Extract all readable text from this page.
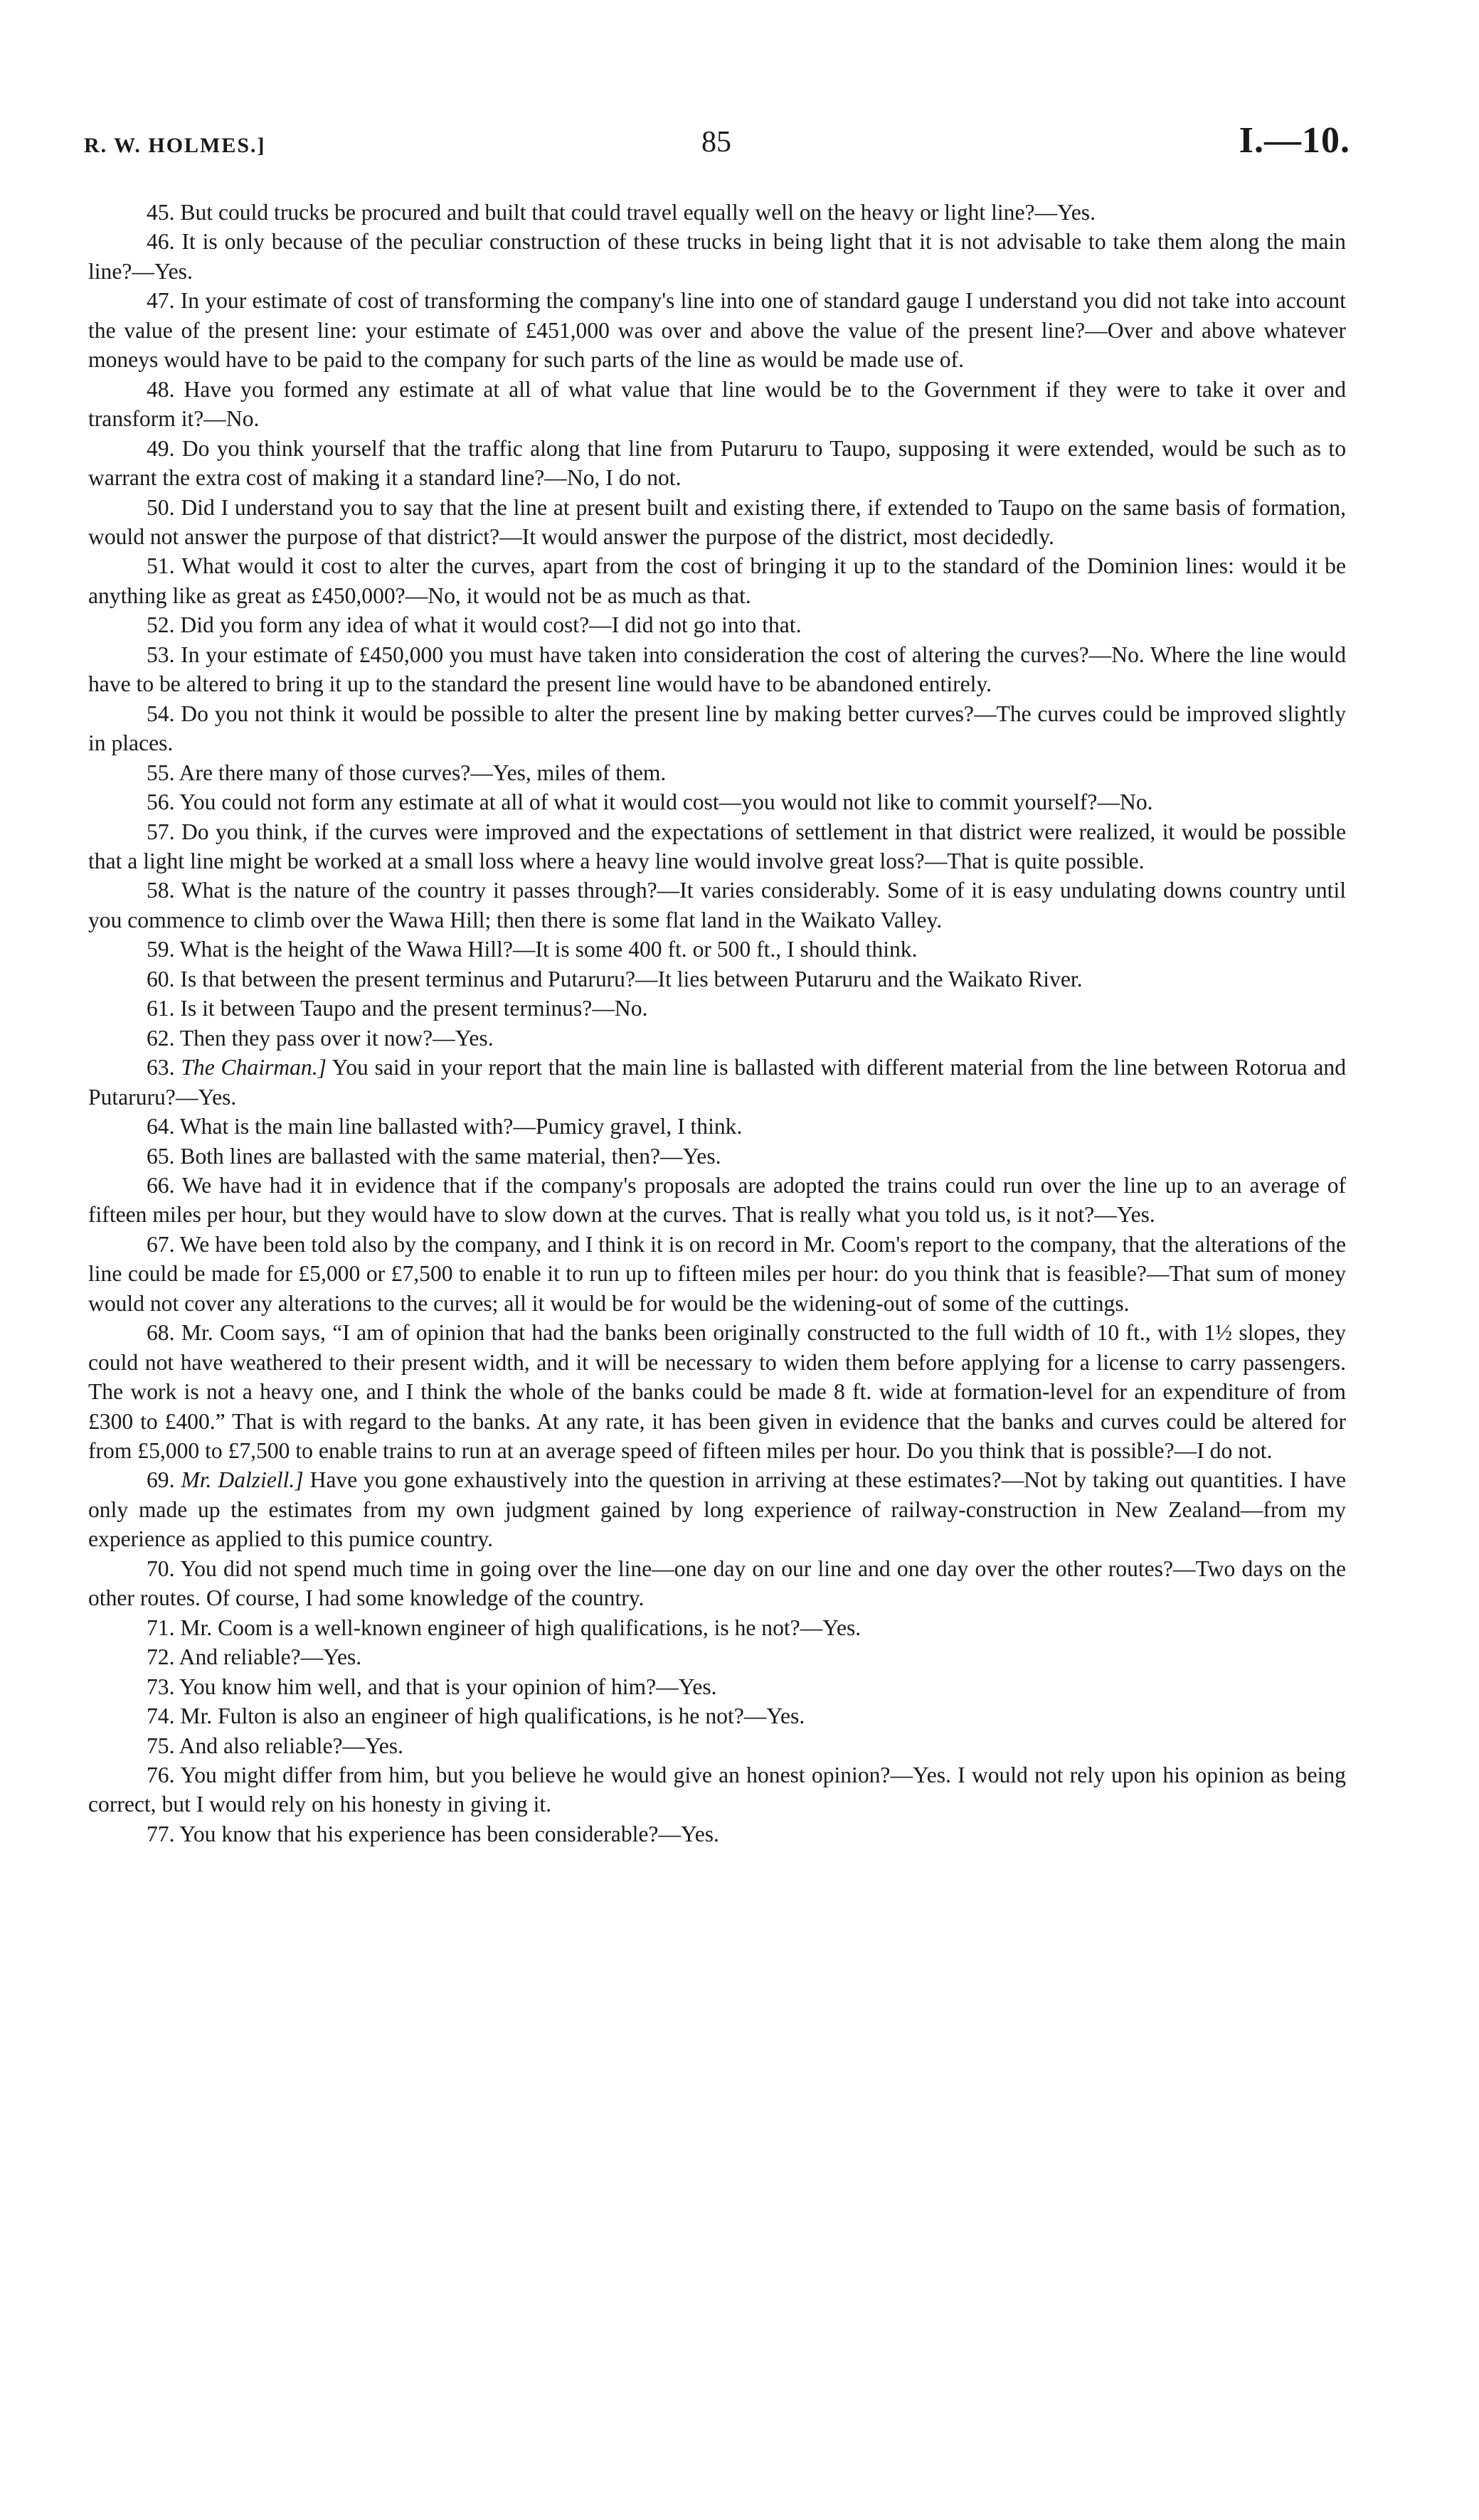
R. W. HOLMES.]	85	I.—10.

45. But could trucks be procured and built that could travel equally well on the heavy or light line?—Yes.

46. It is only because of the peculiar construction of these trucks in being light that it is not advisable to take them along the main line?—Yes.

47. In your estimate of cost of transforming the company's line into one of standard gauge I understand you did not take into account the value of the present line: your estimate of £451,000 was over and above the value of the present line?—Over and above whatever moneys would have to be paid to the company for such parts of the line as would be made use of.

48. Have you formed any estimate at all of what value that line would be to the Government if they were to take it over and transform it?—No.

49. Do you think yourself that the traffic along that line from Putaruru to Taupo, supposing it were extended, would be such as to warrant the extra cost of making it a standard line?—No, I do not.

50. Did I understand you to say that the line at present built and existing there, if extended to Taupo on the same basis of formation, would not answer the purpose of that district?—It would answer the purpose of the district, most decidedly.

51. What would it cost to alter the curves, apart from the cost of bringing it up to the standard of the Dominion lines: would it be anything like as great as £450,000?—No, it would not be as much as that.

52. Did you form any idea of what it would cost?—I did not go into that.

53. In your estimate of £450,000 you must have taken into consideration the cost of altering the curves?—No. Where the line would have to be altered to bring it up to the standard the present line would have to be abandoned entirely.

54. Do you not think it would be possible to alter the present line by making better curves?—The curves could be improved slightly in places.

55. Are there many of those curves?—Yes, miles of them.

56. You could not form any estimate at all of what it would cost—you would not like to commit yourself?—No.

57. Do you think, if the curves were improved and the expectations of settlement in that district were realized, it would be possible that a light line might be worked at a small loss where a heavy line would involve great loss?—That is quite possible.

58. What is the nature of the country it passes through?—It varies considerably. Some of it is easy undulating downs country until you commence to climb over the Wawa Hill; then there is some flat land in the Waikato Valley.

59. What is the height of the Wawa Hill?—It is some 400 ft. or 500 ft., I should think.

60. Is that between the present terminus and Putaruru?—It lies between Putaruru and the Waikato River.

61. Is it between Taupo and the present terminus?—No.

62. Then they pass over it now?—Yes.

63. The Chairman.] You said in your report that the main line is ballasted with different material from the line between Rotorua and Putaruru?—Yes.

64. What is the main line ballasted with?—Pumicy gravel, I think.

65. Both lines are ballasted with the same material, then?—Yes.

66. We have had it in evidence that if the company's proposals are adopted the trains could run over the line up to an average of fifteen miles per hour, but they would have to slow down at the curves. That is really what you told us, is it not?—Yes.

67. We have been told also by the company, and I think it is on record in Mr. Coom's report to the company, that the alterations of the line could be made for £5,000 or £7,500 to enable it to run up to fifteen miles per hour: do you think that is feasible?—That sum of money would not cover any alterations to the curves; all it would be for would be the widening-out of some of the cuttings.

68. Mr. Coom says, “I am of opinion that had the banks been originally constructed to the full width of 10 ft., with 1½ slopes, they could not have weathered to their present width, and it will be necessary to widen them before applying for a license to carry passengers. The work is not a heavy one, and I think the whole of the banks could be made 8 ft. wide at formation-level for an expenditure of from £300 to £400.” That is with regard to the banks. At any rate, it has been given in evidence that the banks and curves could be altered for from £5,000 to £7,500 to enable trains to run at an average speed of fifteen miles per hour. Do you think that is possible?—I do not.

69. Mr. Dalziell.] Have you gone exhaustively into the question in arriving at these estimates?—Not by taking out quantities. I have only made up the estimates from my own judgment gained by long experience of railway-construction in New Zealand—from my experience as applied to this pumice country.

70. You did not spend much time in going over the line—one day on our line and one day over the other routes?—Two days on the other routes. Of course, I had some knowledge of the country.

71. Mr. Coom is a well-known engineer of high qualifications, is he not?—Yes.

72. And reliable?—Yes.

73. You know him well, and that is your opinion of him?—Yes.

74. Mr. Fulton is also an engineer of high qualifications, is he not?—Yes.

75. And also reliable?—Yes.

76. You might differ from him, but you believe he would give an honest opinion?—Yes. I would not rely upon his opinion as being correct, but I would rely on his honesty in giving it.

77. You know that his experience has been considerable?—Yes.
